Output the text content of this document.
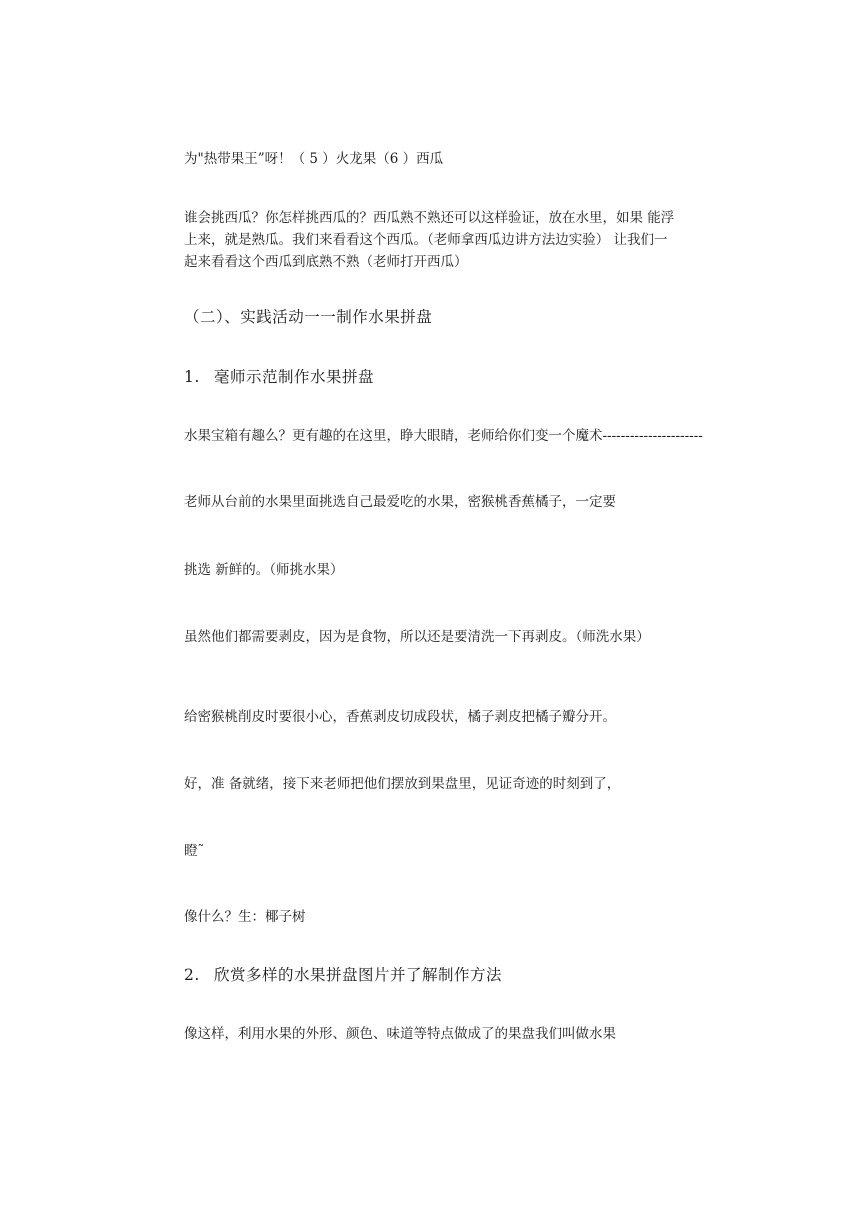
为"热带果王”呀！（ 5 ）火龙果（6 ）西瓜

谁会挑西瓜？你怎样挑西瓜的？西瓜熟不熟还可以这样验证，放在水里，如果 能浮上来，就是熟瓜。我们来看看这个西瓜。（老师拿西瓜边讲方法边实验） 让我们一起来看看这个西瓜到底熟不熟（老师打开西瓜）

（二）、实践活动一一制作水果拼盘

1. 毫师示范制作水果拼盘

水果宝箱有趣么？更有趣的在这里，睁大眼睛，老师给你们变一个魔术----------------------

老师从台前的水果里面挑选自己最爱吃的水果，密猴桃香蕉橘子，一定要

挑选 新鲜的。（师挑水果）

虽然他们都需要剥皮，因为是食物，所以还是要清洗一下再剥皮。（师洗水果）

给密猴桃削皮时要很小心，香蕉剥皮切成段状，橘子剥皮把橘子瓣分开。

好，准 备就绪，接下来老师把他们摆放到果盘里，见证奇迹的时刻到了，

瞪˜

像什么？生：椰子树

2. 欣赏多样的水果拼盘图片并了解制作方法

像这样，利用水果的外形、颜色、味道等特点做成了的果盘我们叫做水果
